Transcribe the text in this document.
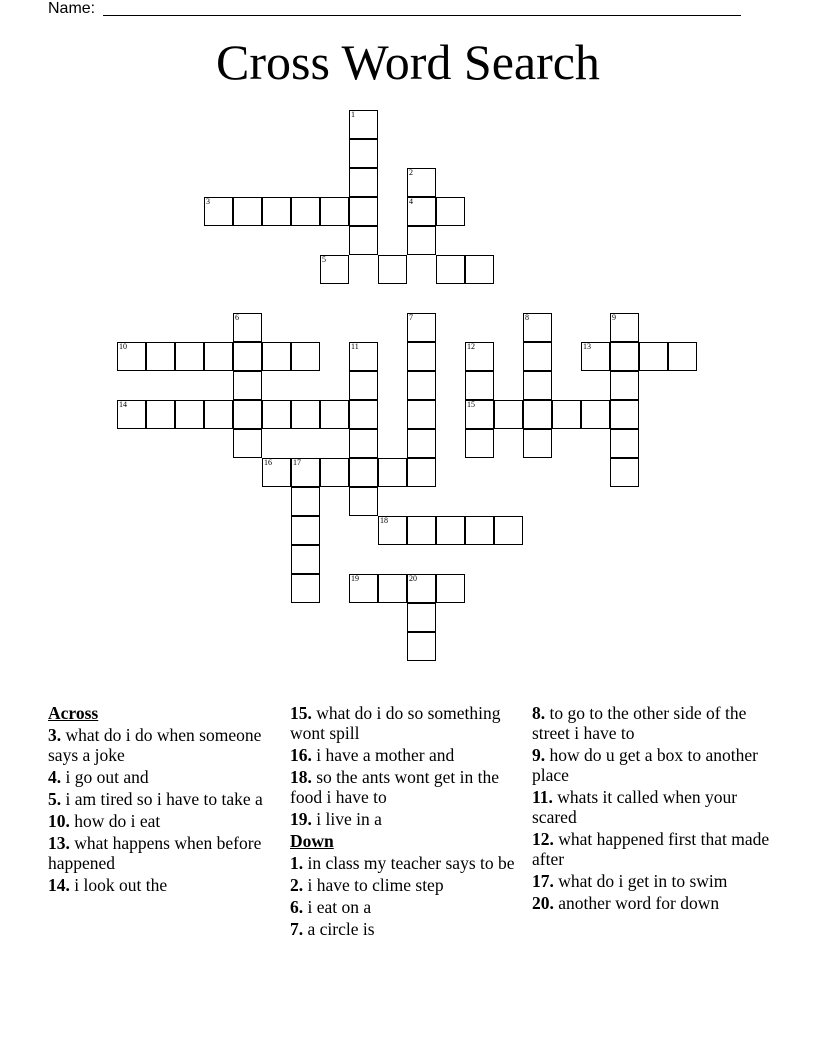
Name:
Cross Word Search
1
2
4
3
5
6	7	8	9
10	11	12	13
14	15
16	17
18
19	20
Across
3. what do i do when someone says a joke
4. i go out and
5. i am tired so i have to take a
10. how do i eat
13. what happens when before happened
14. i look out the
15. what do i do so something wont spill
16. i have a mother and
18. so the ants wont get in the food i have to
19. i live in a
Down
1. in class my teacher says to be
2. i have to clime step
6. i eat on a
7. a circle is
8. to go to the other side of the street i have to
9. how do u get a box to another place
11. whats it called when your scared
12. what happened first that made after
17. what do i get in to swim
20. another word for down
